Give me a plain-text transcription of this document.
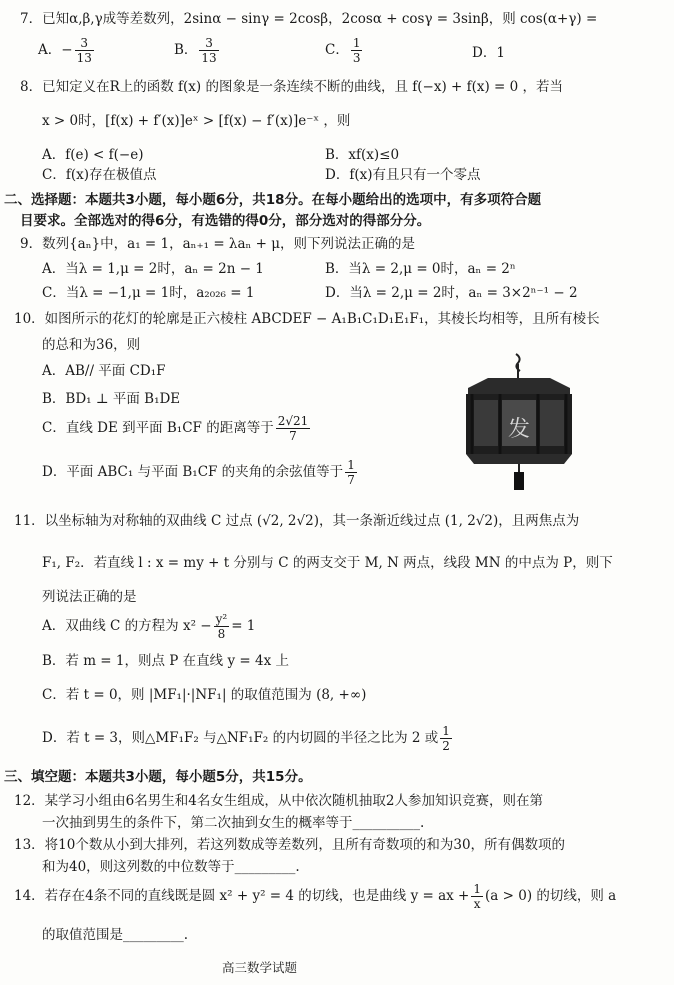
7．已知α,β,γ成等差数列，2sinα − sinγ = 2cosβ，2cosα + cosγ = 3sinβ，则 cos(α+γ) =
A．− $\frac{3}{13}$	B． $\frac{3}{13}$	C． $\frac{1}{3}$	D．1
8．已知定义在R上的函数 f(x) 的图象是一条连续不断的曲线，且 f(−x) + f(x) = 0 ，若当
x > 0时，[f(x) + f′(x)]eˣ > [f(x) − f′(x)]e⁻ˣ ，则
A．f(e) < f(−e)	B．xf(x)≤0
C．f(x)存在极值点	D．f(x)有且只有一个零点
二、选择题：本题共3小题，每小题6分，共18分。在每小题给出的选项中，有多项符合题
目要求。全部选对的得6分，有选错的得0分，部分选对的得部分分。
9．数列{aₙ}中，a₁ = 1，aₙ₊₁ = λaₙ + μ，则下列说法正确的是
A．当λ = 1,μ = 2时，aₙ = 2n − 1	B．当λ = 2,μ = 0时，aₙ = 2ⁿ
C．当λ = −1,μ = 1时，a₂₀₂₆ = 1	D．当λ = 2,μ = 2时，aₙ = 3×2ⁿ⁻¹ − 2
10．如图所示的花灯的轮廓是正六棱柱 ABCDEF − A₁B₁C₁D₁E₁F₁，其棱长均相等，且所有棱长
的总和为36，则
A．AB// 平面 CD₁F
B．BD₁ ⊥ 平面 B₁DE
C．直线 DE 到平面 B₁CF 的距离等于 $\frac{2√21}{7}$
D．平面 ABC₁ 与平面 B₁CF 的夹角的余弦值等于 $\frac{1}{7}$
发
11．以坐标轴为对称轴的双曲线 C 过点 (√2, 2√2)，其一条渐近线过点 (1, 2√2)，且两焦点为
F₁, F₂．若直线 l : x = my + t 分别与 C 的两支交于 M, N 两点，线段 MN 的中点为 P，则下
列说法正确的是
A．双曲线 C 的方程为 $x^2 - \frac{\text{y²}}{8} = 1$
B．若 m = 1，则点 P 在直线 y = 4x 上
C．若 t = 0，则 |MF₁|·|NF₁| 的取值范围为 (8, +∞)
D．若 t = 3，则△MF₁F₂ 与△NF₁F₂ 的内切圆的半径之比为 2 或 $\frac{1}{2}$
三、填空题：本题共3小题，每小题5分，共15分。
12．某学习小组由6名男生和4名女生组成，从中依次随机抽取2人参加知识竞赛，则在第
一次抽到男生的条件下，第二次抽到女生的概率等于__________.
13．将10个数从小到大排列，若这列数成等差数列，且所有奇数项的和为30，所有偶数项的
和为40，则这列数的中位数等于_________.
14．若存在4条不同的直线既是圆 x² + y² = 4 的切线，也是曲线 y = ax + $\frac{1}{x} (a > 0)$ 的切线，则 a
的取值范围是_________.
高三数学试题
